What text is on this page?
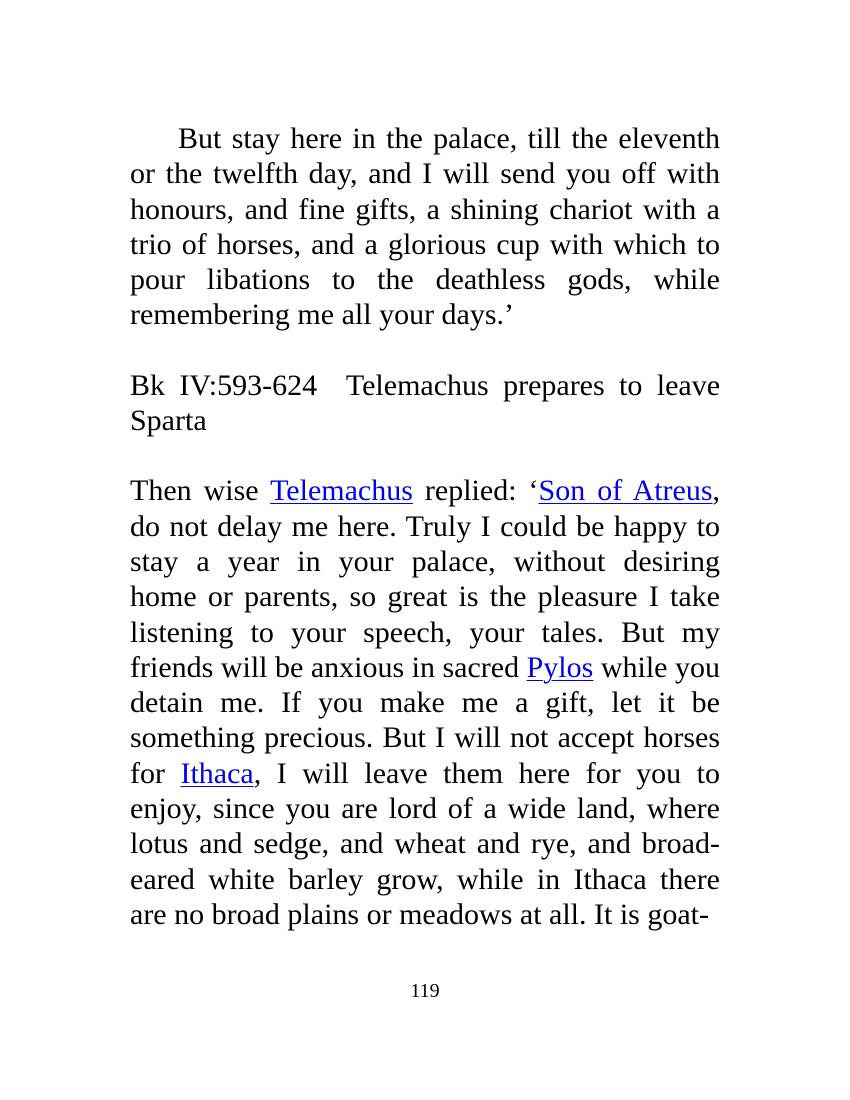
But stay here in the palace, till the eleventh or the twelfth day, and I will send you off with honours, and fine gifts, a shining chariot with a trio of horses, and a glorious cup with which to pour libations to the deathless gods, while remembering me all your days.’

Bk IV:593-624 Telemachus prepares to leave Sparta

Then wise Telemachus replied: ‘Son of Atreus, do not delay me here. Truly I could be happy to stay a year in your palace, without desiring home or parents, so great is the pleasure I take listening to your speech, your tales. But my friends will be anxious in sacred Pylos while you detain me. If you make me a gift, let it be something precious. But I will not accept horses for Ithaca, I will leave them here for you to enjoy, since you are lord of a wide land, where lotus and sedge, and wheat and rye, and broad-eared white barley grow, while in Ithaca there are no broad plains or meadows at all. It is goat-

119
